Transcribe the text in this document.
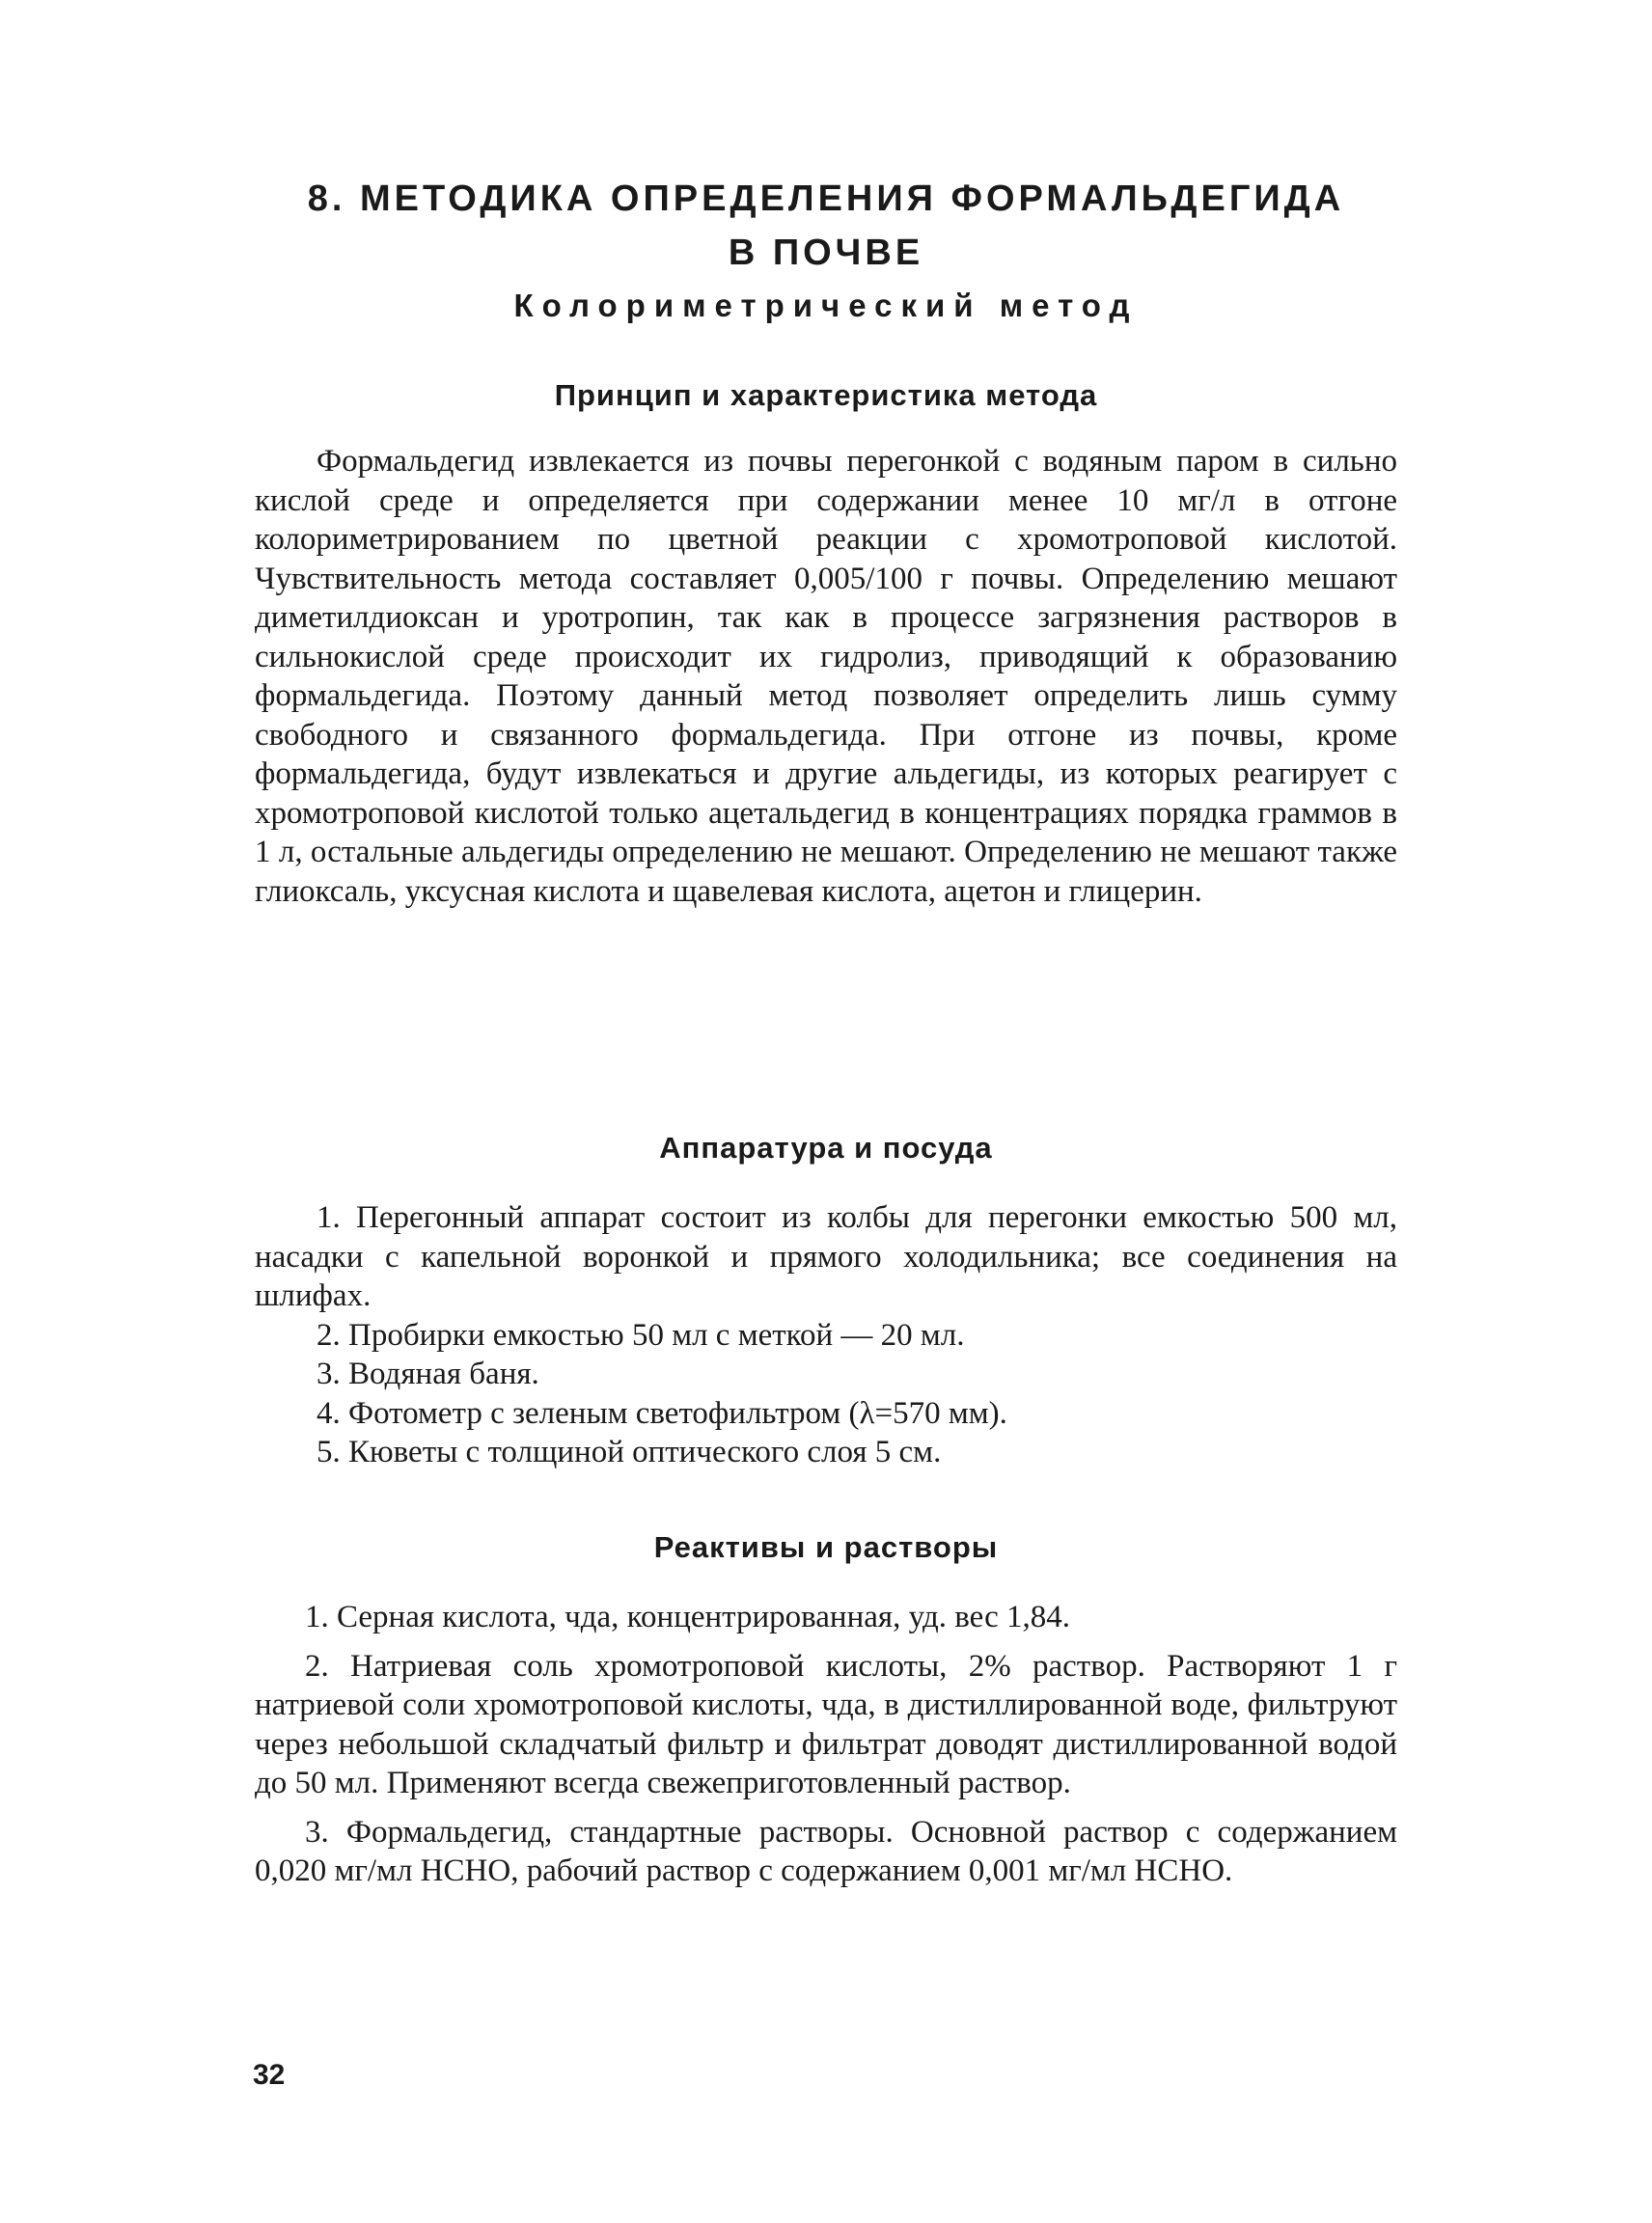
8. МЕТОДИКА ОПРЕДЕЛЕНИЯ ФОРМАЛЬДЕГИДА
В ПОЧВЕ
Колориметрический метод
Принцип и характеристика метода

Формальдегид извлекается из почвы перегонкой с водяным паром в сильно кислой среде и определяется при содержании менее 10 мг/л в отгоне колориметрированием по цветной реакции с хромотроповой кислотой. Чувствительность метода составляет 0,005/100 г почвы. Определению мешают диметилдиоксан и уротропин, так как в процессе загрязнения растворов в сильнокислой среде происходит их гидролиз, приводящий к образованию формальдегида. Поэтому данный метод позволяет определить лишь сумму свободного и связанного формальдегида. При отгоне из почвы, кроме формальдегида, будут извлекаться и другие альдегиды, из которых реагирует с хромотроповой кислотой только ацетальдегид в концентрациях порядка граммов в 1 л, остальные альдегиды определению не мешают. Определению не мешают также глиоксаль, уксусная кислота и щавелевая кислота, ацетон и глицерин.

Аппаратура и посуда

1. Перегонный аппарат состоит из колбы для перегонки емкостью 500 мл, насадки с капельной воронкой и прямого холодильника; все соединения на шлифах.

2. Пробирки емкостью 50 мл с меткой — 20 мл.

3. Водяная баня.

4. Фотометр с зеленым светофильтром (λ=570 мм).

5. Кюветы с толщиной оптического слоя 5 см.

Реактивы и растворы

1. Серная кислота, чда, концентрированная, уд. вес 1,84.

2. Натриевая соль хромотроповой кислоты, 2% раствор. Растворяют 1 г натриевой соли хромотроповой кислоты, чда, в дистиллированной воде, фильтруют через небольшой складчатый фильтр и фильтрат доводят дистиллированной водой до 50 мл. Применяют всегда свежеприготовленный раствор.

3. Формальдегид, стандартные растворы. Основной раствор с содержанием 0,020 мг/мл НСНО, рабочий раствор с содержанием 0,001 мг/мл НСНО.

32
